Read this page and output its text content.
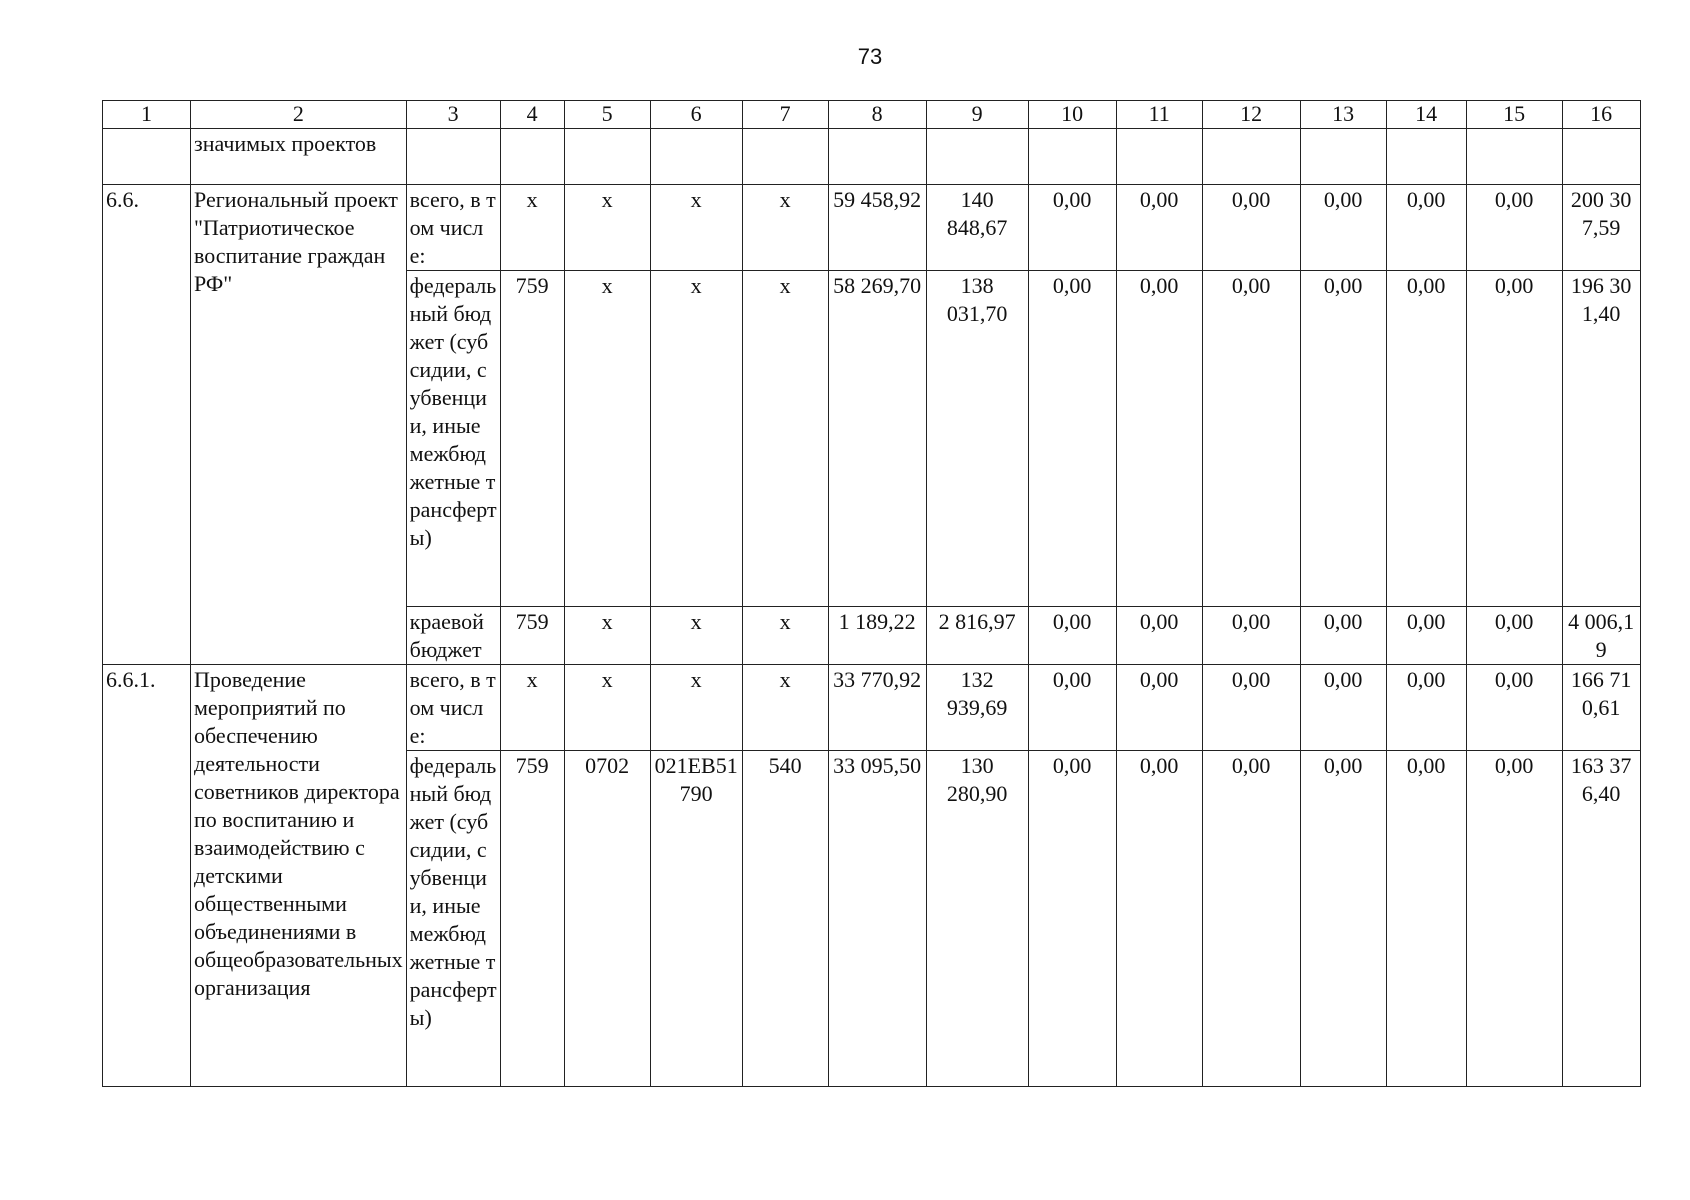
73
1	2	3	4	5	6	7	8	9	10	11	12	13	14	15	16
	значимых проектов														
6.6.	Региональный проект "Патриотическое воспитание граждан РФ"	всего, в том числе:	x	x	x	x	59 458,92	140 848,67	0,00	0,00	0,00	0,00	0,00	0,00	200 307,59
		федеральный бюджет (субсидии, субвенции, иные межбюджетные трансферты)	759	x	x	x	58 269,70	138 031,70	0,00	0,00	0,00	0,00	0,00	0,00	196 301,40
		краевой бюджет	759	x	x	x	1 189,22	2 816,97	0,00	0,00	0,00	0,00	0,00	0,00	4 006,19
6.6.1.	Проведение мероприятий по обеспечению деятельности советников директора по воспитанию и взаимодействию с детскими общественными объединениями в общеобразовательных организация	всего, в том числе:	x	x	x	x	33 770,92	132 939,69	0,00	0,00	0,00	0,00	0,00	0,00	166 710,61
		федеральный бюджет (субсидии, субвенции, иные межбюджетные трансферты)	759	0702	021EB51790	540	33 095,50	130 280,90	0,00	0,00	0,00	0,00	0,00	0,00	163 376,40
